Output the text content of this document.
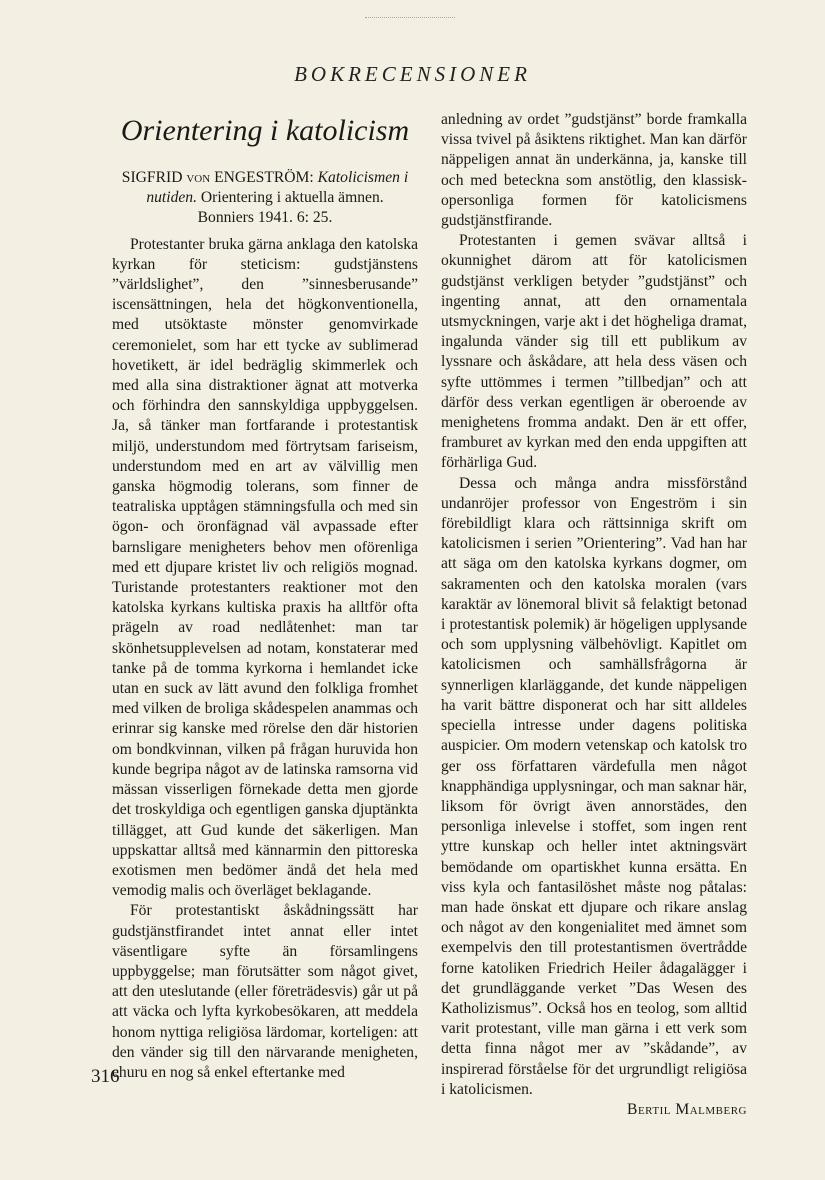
BOKRECENSIONER
Orientering i katolicism
SIGFRID von ENGESTRÖM: Katolicismen i nutiden. Orientering i aktuella ämnen.
Bonniers 1941. 6: 25.

Protestanter bruka gärna anklaga den katolska kyrkan för steticism: gudstjänstens ”världslighet”, den ”sinnesberusande” iscensättningen, hela det högkonventionella, med utsöktaste mönster genomvirkade ceremonielet, som har ett tycke av sublimerad hovetikett, är idel bedräglig skimmerlek och med alla sina distraktioner ägnat att motverka och förhindra den sannskyldiga uppbyggelsen. Ja, så tänker man fortfarande i protestantisk miljö, understundom med förtrytsam fariseism, understundom med en art av välvillig men ganska högmodig tolerans, som finner de teatraliska upptågen stämningsfulla och med sin ögon- och öronfägnad väl avpassade efter barnsligare menigheters behov men oförenliga med ett djupare kristet liv och religiös mognad. Turistande protestanters reaktioner mot den katolska kyrkans kultiska praxis ha alltför ofta prägeln av road nedlåtenhet: man tar skönhetsupplevelsen ad notam, konstaterar med tanke på de tomma kyrkorna i hemlandet icke utan en suck av lätt avund den folkliga fromhet med vilken de broliga skådespelen anammas och erinrar sig kanske med rörelse den där historien om bondkvinnan, vilken på frågan huruvida hon kunde begripa något av de latinska ramsorna vid mässan visserligen förnekade detta men gjorde det troskyldiga och egentligen ganska djuptänkta tillägget, att Gud kunde det säkerligen. Man uppskattar alltså med kännarmin den pittoreska exotismen men bedömer ändå det hela med vemodig malis och överläget beklagande.

För protestantiskt åskådningssätt har gudstjänstfirandet intet annat eller intet väsentligare syfte än församlingens uppbyggelse; man förutsätter som något givet, att den uteslutande (eller företrädesvis) går ut på att väcka och lyfta kyrkobesökaren, att meddela honom nyttiga religiösa lärdomar, korteligen: att den vänder sig till den närvarande menigheten, ehuru en nog så enkel eftertanke med

anledning av ordet ”gudstjänst” borde framkalla vissa tvivel på åsiktens riktighet. Man kan därför näppeligen annat än underkänna, ja, kanske till och med beteckna som anstötlig, den klassisk-opersonliga formen för katolicismens gudstjänstfirande.

Protestanten i gemen svävar alltså i okunnighet därom att för katolicismen gudstjänst verkligen betyder ”gudstjänst” och ingenting annat, att den ornamentala utsmyckningen, varje akt i det högheliga dramat, ingalunda vänder sig till ett publikum av lyssnare och åskådare, att hela dess väsen och syfte uttömmes i termen ”tillbedjan” och att därför dess verkan egentligen är oberoende av menighetens fromma andakt. Den är ett offer, framburet av kyrkan med den enda uppgiften att förhärliga Gud.

Dessa och många andra missförstånd undanröjer professor von Engeström i sin förebildligt klara och rättsinniga skrift om katolicismen i serien ”Orientering”. Vad han har att säga om den katolska kyrkans dogmer, om sakramenten och den katolska moralen (vars karaktär av lönemoral blivit så felaktigt betonad i protestantisk polemik) är högeligen upplysande och som upplysning välbehövligt. Kapitlet om katolicismen och samhällsfrågorna är synnerligen klarläggande, det kunde näppeligen ha varit bättre disponerat och har sitt alldeles speciella intresse under dagens politiska auspicier. Om modern vetenskap och katolsk tro ger oss författaren värdefulla men något knapphändiga upplysningar, och man saknar här, liksom för övrigt även annorstädes, den personliga inlevelse i stoffet, som ingen rent yttre kunskap och heller intet aktningsvärt bemödande om opartiskhet kunna ersätta. En viss kyla och fantasilöshet måste nog påtalas: man hade önskat ett djupare och rikare anslag och något av den kongenialitet med ämnet som exempelvis den till protestantismen övertrådde forne katoliken Friedrich Heiler ådagalägger i det grundläggande verket ”Das Wesen des Katholizismus”. Också hos en teolog, som alltid varit protestant, ville man gärna i ett verk som detta finna något mer av ”skådande”, av inspirerad förståelse för det urgrundligt religiösa i katolicismen.

Bertil Malmberg
316
